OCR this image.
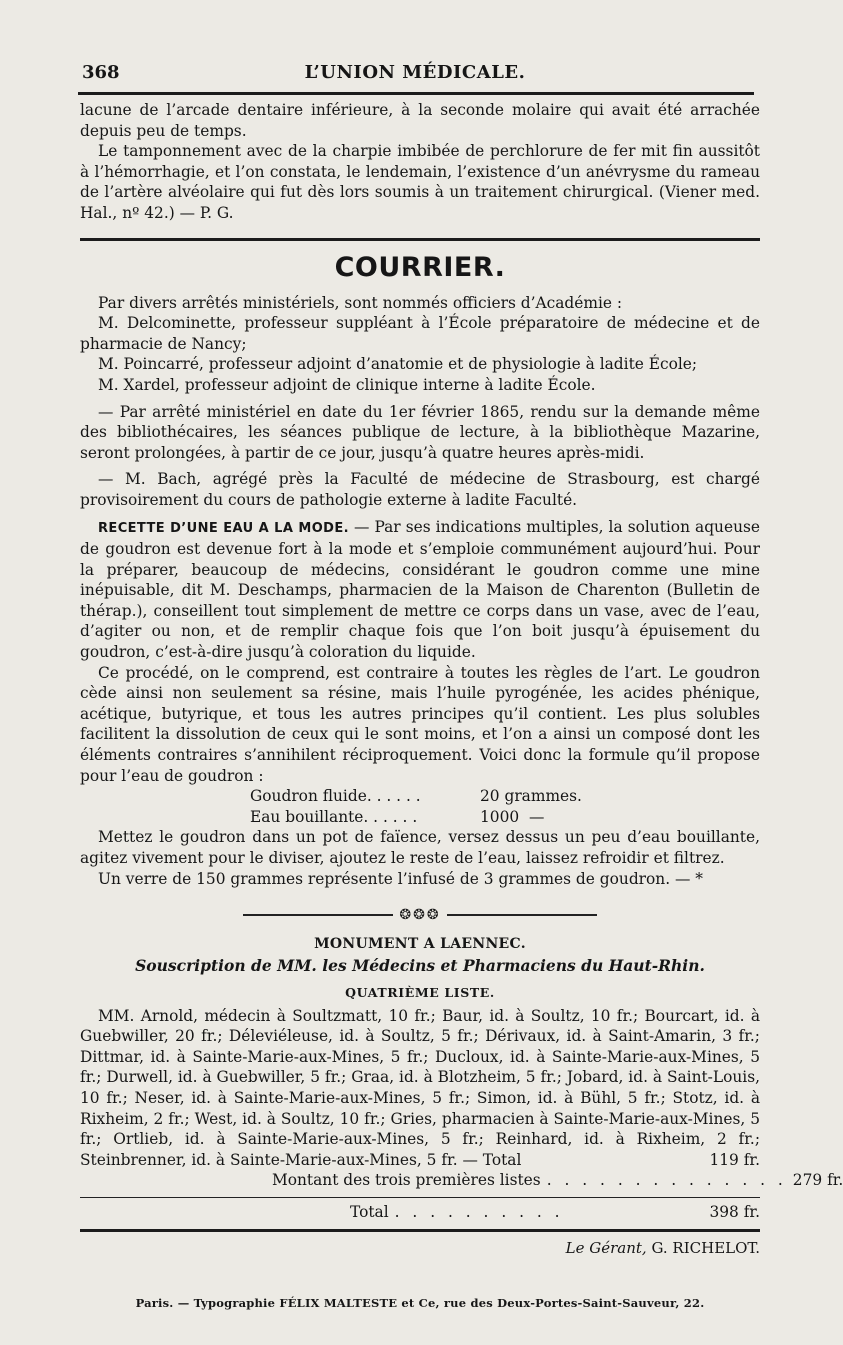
368	L’UNION MÉDICALE.

lacune de l’arcade dentaire inférieure, à la seconde molaire qui avait été arrachée depuis peu de temps.

Le tamponnement avec de la charpie imbibée de perchlorure de fer mit fin aussitôt à l’hémorrhagie, et l’on constata, le lendemain, l’existence d’un anévrysme du rameau de l’artère alvéolaire qui fut dès lors soumis à un traitement chirurgical. (Viener med. Hal., nº 42.) — P. G.

COURRIER.

Par divers arrêtés ministériels, sont nommés officiers d’Académie :

M. Delcominette, professeur suppléant à l’École préparatoire de médecine et de pharmacie de Nancy;

M. Poincarré, professeur adjoint d’anatomie et de physiologie à ladite École;

M. Xardel, professeur adjoint de clinique interne à ladite École.

— Par arrêté ministériel en date du 1er février 1865, rendu sur la demande même des bibliothécaires, les séances publique de lecture, à la bibliothèque Mazarine, seront prolongées, à partir de ce jour, jusqu’à quatre heures après-midi.

— M. Bach, agrégé près la Faculté de médecine de Strasbourg, est chargé provisoirement du cours de pathologie externe à ladite Faculté.

RECETTE D’UNE EAU A LA MODE. — Par ses indications multiples, la solution aqueuse de goudron est devenue fort à la mode et s’emploie communément aujourd’hui. Pour la préparer, beaucoup de médecins, considérant le goudron comme une mine inépuisable, dit M. Deschamps, pharmacien de la Maison de Charenton (Bulletin de thérap.), conseillent tout simplement de mettre ce corps dans un vase, avec de l’eau, d’agiter ou non, et de remplir chaque fois que l’on boit jusqu’à épuisement du goudron, c’est-à-dire jusqu’à coloration du liquide.

Ce procédé, on le comprend, est contraire à toutes les règles de l’art. Le goudron cède ainsi non seulement sa résine, mais l’huile pyrogénée, les acides phénique, acétique, butyrique, et tous les autres principes qu’il contient. Les plus solubles facilitent la dissolution de ceux qui le sont moins, et l’on a ainsi un composé dont les éléments contraires s’annihilent réciproquement. Voici donc la formule qu’il propose pour l’eau de goudron :

Goudron fluide. . . . . .	20 grammes.
Eau bouillante. . . . . .	1000  —

Mettez le goudron dans un pot de faïence, versez dessus un peu d’eau bouillante, agitez vivement pour le diviser, ajoutez le reste de l’eau, laissez refroidir et filtrez.

Un verre de 150 grammes représente l’infusé de 3 grammes de goudron. — *

❂❂❂
MONUMENT A LAENNEC.
Souscription de MM. les Médecins et Pharmaciens du Haut-Rhin.
QUATRIÈME LISTE.

MM. Arnold, médecin à Soultzmatt, 10 fr.; Baur, id. à Soultz, 10 fr.; Bourcart, id. à Guebwiller, 20 fr.; Déleviéleuse, id. à Soultz, 5 fr.; Dérivaux, id. à Saint-Amarin, 3 fr.; Dittmar, id. à Sainte-Marie-aux-Mines, 5 fr.; Ducloux, id. à Sainte-Marie-aux-Mines, 5 fr.; Durwell, id. à Guebwiller, 5 fr.; Graa, id. à Blotzheim, 5 fr.; Jobard, id. à Saint-Louis, 10 fr.; Neser, id. à Sainte-Marie-aux-Mines, 5 fr.; Simon, id. à Bühl, 5 fr.; Stotz, id. à Rixheim, 2 fr.; West, id. à Soultz, 10 fr.; Gries, pharmacien à Sainte-Marie-aux-Mines, 5 fr.; Ortlieb, id. à Sainte-Marie-aux-Mines, 5 fr.; Reinhard, id. à Rixheim, 2 fr.; Steinbrenner, id. à Sainte-Marie-aux-Mines, 5 fr. — Total	119 fr.

Montant des trois premières listes . . . . . . . . . . . . . . 279 fr.
Total . . . . . . . . . .	398 fr.
Le Gérant, G. RICHELOT.
Paris. — Typographie FÉLIX MALTESTE et Ce, rue des Deux-Portes-Saint-Sauveur, 22.
